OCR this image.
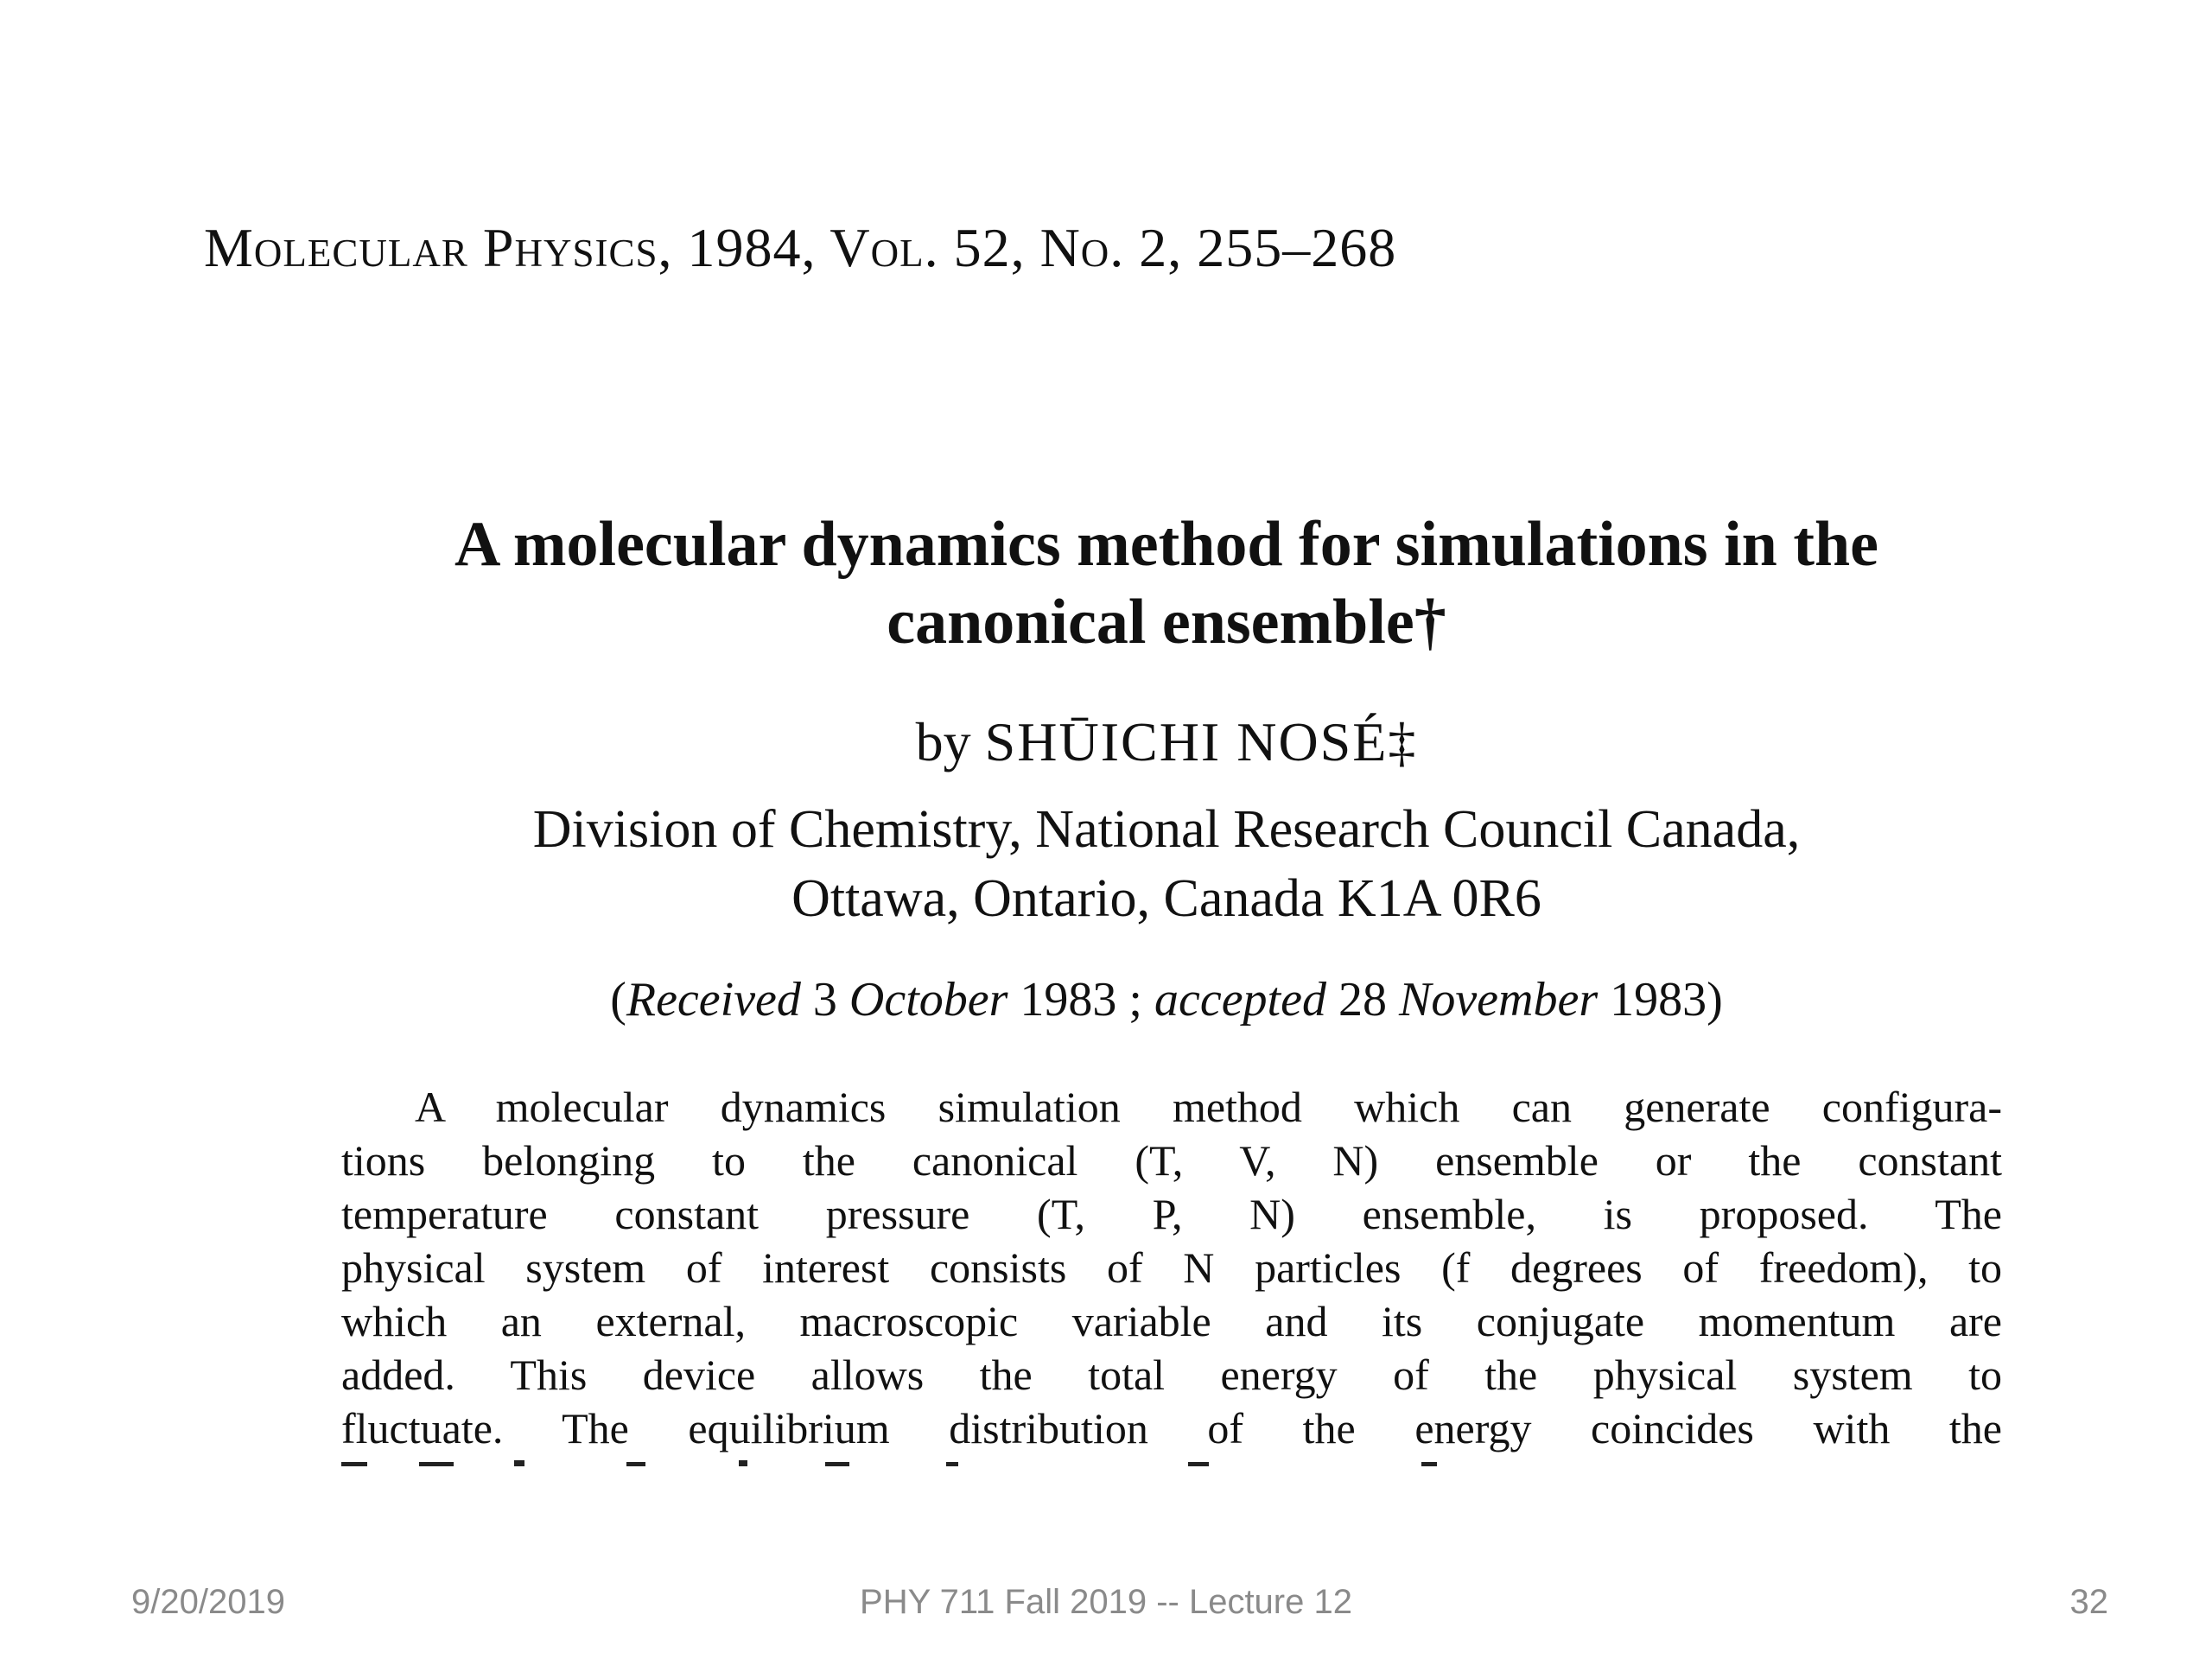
Molecular Physics, 1984, Vol. 52, No. 2, 255–268
A molecular dynamics method for simulations in the
canonical ensemble†
by SHŪICHI NOSÉ‡
Division of Chemistry, National Research Council Canada,
Ottawa, Ontario, Canada K1A 0R6
(Received 3 October 1983 ; accepted 28 November 1983)
A molecular dynamics simulation method which can generate configura-
tions belonging to the canonical (T, V, N) ensemble or the constant
temperature constant pressure (T, P, N) ensemble, is proposed. The
physical system of interest consists of N particles (f degrees of freedom), to
which an external, macroscopic variable and its conjugate momentum are
added. This device allows the total energy of the physical system to
fluctuate. The equilibrium distribution of the energy coincides with the
9/20/2019	PHY 711 Fall 2019 -- Lecture 12	32
